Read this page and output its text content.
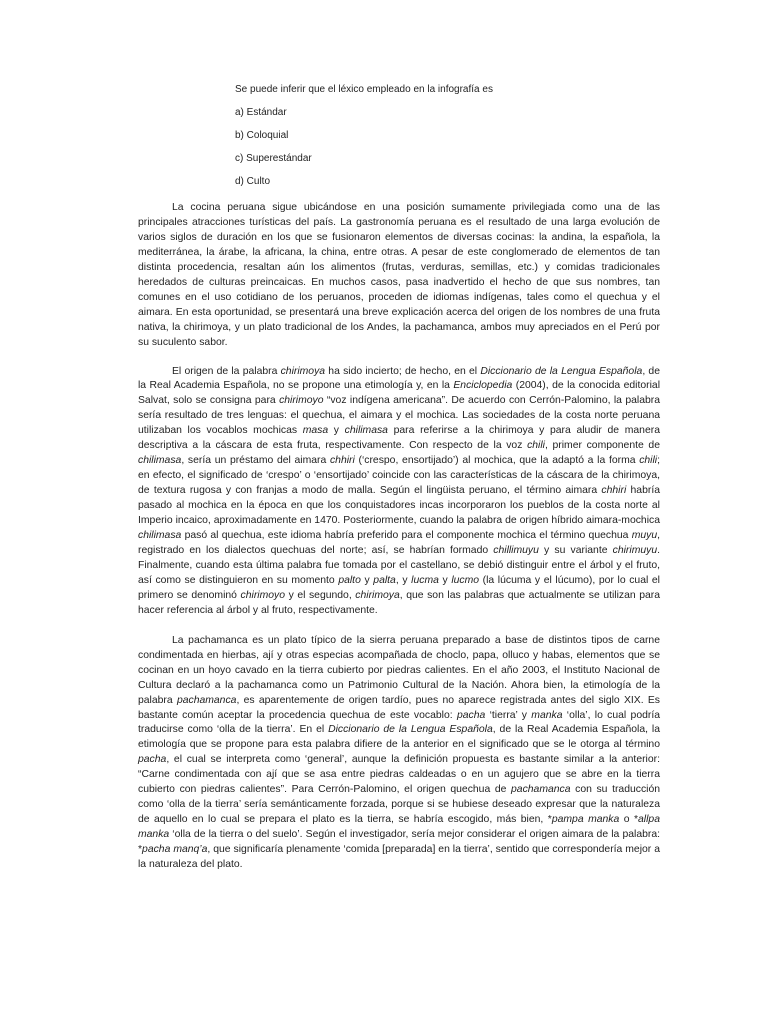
Se puede inferir que el léxico empleado en la infografía es

a) Estándar

b) Coloquial

c) Superestándar

d) Culto

La cocina peruana sigue ubicándose en una posición sumamente privilegiada como una de las principales atracciones turísticas del país. La gastronomía peruana es el resultado de una larga evolución de varios siglos de duración en los que se fusionaron elementos de diversas cocinas: la andina, la española, la mediterránea, la árabe, la africana, la china, entre otras. A pesar de este conglomerado de elementos de tan distinta procedencia, resaltan aún los alimentos (frutas, verduras, semillas, etc.) y comidas tradicionales heredados de culturas preincaicas. En muchos casos, pasa inadvertido el hecho de que sus nombres, tan comunes en el uso cotidiano de los peruanos, proceden de idiomas indígenas, tales como el quechua y el aimara. En esta oportunidad, se presentará una breve explicación acerca del origen de los nombres de una fruta nativa, la chirimoya, y un plato tradicional de los Andes, la pachamanca, ambos muy apreciados en el Perú por su suculento sabor.

El origen de la palabra chirimoya ha sido incierto; de hecho, en el Diccionario de la Lengua Española, de la Real Academia Española, no se propone una etimología y, en la Enciclopedia (2004), de la conocida editorial Salvat, solo se consigna para chirimoyo “voz indígena americana”. De acuerdo con Cerrón-Palomino, la palabra sería resultado de tres lenguas: el quechua, el aimara y el mochica. Las sociedades de la costa norte peruana utilizaban los vocablos mochicas masa y chilimasa para referirse a la chirimoya y para aludir de manera descriptiva a la cáscara de esta fruta, respectivamente. Con respecto de la voz chili, primer componente de chilimasa, sería un préstamo del aimara chhiri (‘crespo, ensortijado’) al mochica, que la adaptó a la forma chili; en efecto, el significado de ‘crespo’ o ‘ensortijado’ coincide con las características de la cáscara de la chirimoya, de textura rugosa y con franjas a modo de malla. Según el lingüista peruano, el término aimara chhiri habría pasado al mochica en la época en que los conquistadores incas incorporaron los pueblos de la costa norte al Imperio incaico, aproximadamente en 1470. Posteriormente, cuando la palabra de origen híbrido aimara-mochica chilimasa pasó al quechua, este idioma habría preferido para el componente mochica el término quechua muyu, registrado en los dialectos quechuas del norte; así, se habrían formado chillimuyu y su variante chirimuyu. Finalmente, cuando esta última palabra fue tomada por el castellano, se debió distinguir entre el árbol y el fruto, así como se distinguieron en su momento palto y palta, y lucma y lucmo (la lúcuma y el lúcumo), por lo cual el primero se denominó chirimoyo y el segundo, chirimoya, que son las palabras que actualmente se utilizan para hacer referencia al árbol y al fruto, respectivamente.

La pachamanca es un plato típico de la sierra peruana preparado a base de distintos tipos de carne condimentada en hierbas, ají y otras especias acompañada de choclo, papa, olluco y habas, elementos que se cocinan en un hoyo cavado en la tierra cubierto por piedras calientes. En el año 2003, el Instituto Nacional de Cultura declaró a la pachamanca como un Patrimonio Cultural de la Nación. Ahora bien, la etimología de la palabra pachamanca, es aparentemente de origen tardío, pues no aparece registrada antes del siglo XIX. Es bastante común aceptar la procedencia quechua de este vocablo: pacha ‘tierra’ y manka ‘olla’, lo cual podría traducirse como ‘olla de la tierra’. En el Diccionario de la Lengua Española, de la Real Academia Española, la etimología que se propone para esta palabra difiere de la anterior en el significado que se le otorga al término pacha, el cual se interpreta como ‘general’, aunque la definición propuesta es bastante similar a la anterior: “Carne condimentada con ají que se asa entre piedras caldeadas o en un agujero que se abre en la tierra cubierto con piedras calientes”. Para Cerrón-Palomino, el origen quechua de pachamanca con su traducción como ‘olla de la tierra’ sería semánticamente forzada, porque si se hubiese deseado expresar que la naturaleza de aquello en lo cual se prepara el plato es la tierra, se habría escogido, más bien, *pampa manka o *allpa manka ‘olla de la tierra o del suelo’. Según el investigador, sería mejor considerar el origen aimara de la palabra: *pacha manq’a, que significaría plenamente ‘comida [preparada] en la tierra’, sentido que correspondería mejor a la naturaleza del plato.
